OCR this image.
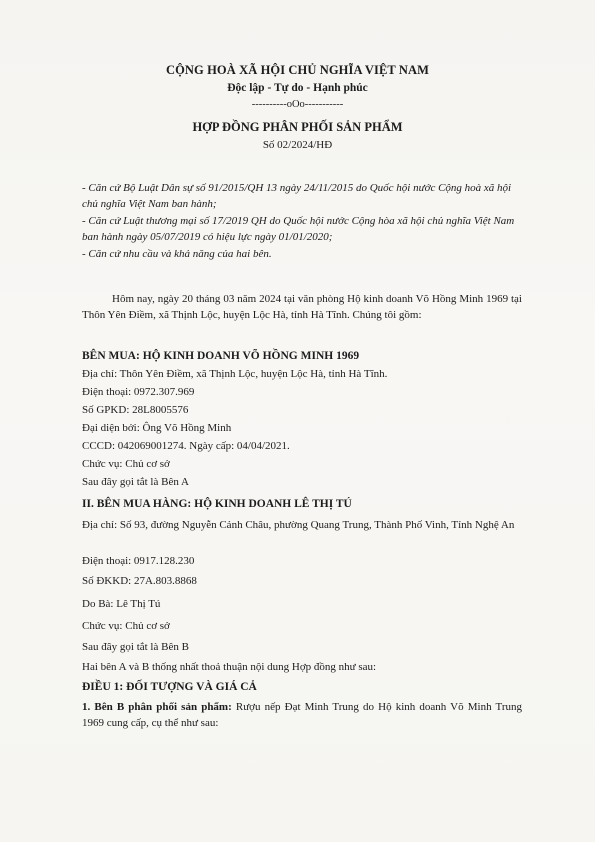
CỘNG HOÀ XÃ HỘI CHỦ NGHĨA VIỆT NAM
Độc lập - Tự do - Hạnh phúc
----------oOo-----------
HỢP ĐỒNG PHÂN PHỐI SẢN PHẨM
Số 02/2024/HĐ
- Căn cứ Bộ Luật Dân sự số 91/2015/QH 13 ngày 24/11/2015 do Quốc hội nước Cộng hoà xã hội chủ nghĩa Việt Nam ban hành;
- Căn cứ Luật thương mại số 17/2019 QH do Quốc hội nước Cộng hòa xã hội chủ nghĩa Việt Nam ban hành ngày 05/07/2019 có hiệu lực ngày 01/01/2020;
- Căn cứ nhu cầu và khả năng của hai bên.
Hôm nay, ngày 20 tháng 03 năm 2024 tại văn phòng Hộ kinh doanh Võ Hồng Minh 1969 tại Thôn Yên Điềm, xã Thịnh Lộc, huyện Lộc Hà, tỉnh Hà Tĩnh. Chúng tôi gồm:
BÊN MUA: HỘ KINH DOANH VÕ HỒNG MINH 1969
Địa chỉ: Thôn Yên Điềm, xã Thịnh Lộc, huyện Lộc Hà, tỉnh Hà Tĩnh.
Điện thoại: 0972.307.969
Số GPKD: 28L8005576
Đại diện bởi: Ông Võ Hồng Minh
CCCD: 042069001274. Ngày cấp: 04/04/2021.
Chức vụ: Chủ cơ sở
Sau đây gọi tắt là Bên A
II. BÊN MUA HÀNG: HỘ KINH DOANH LÊ THỊ TÚ
Địa chỉ: Số 93, đường Nguyễn Cảnh Châu, phường Quang Trung, Thành Phố Vinh, Tỉnh Nghệ An
Điện thoại: 0917.128.230
Số ĐKKD: 27A.803.8868
Do Bà: Lê Thị Tú
Chức vụ: Chủ cơ sở
Sau đây gọi tắt là Bên B
Hai bên A và B thống nhất thoả thuận nội dung Hợp đồng như sau:
ĐIỀU 1: ĐỐI TƯỢNG VÀ GIÁ CẢ
1. Bên B phân phối sản phẩm: Rượu nếp Đạt Minh Trung do Hộ kinh doanh Võ Minh Trung 1969 cung cấp, cụ thể như sau:
